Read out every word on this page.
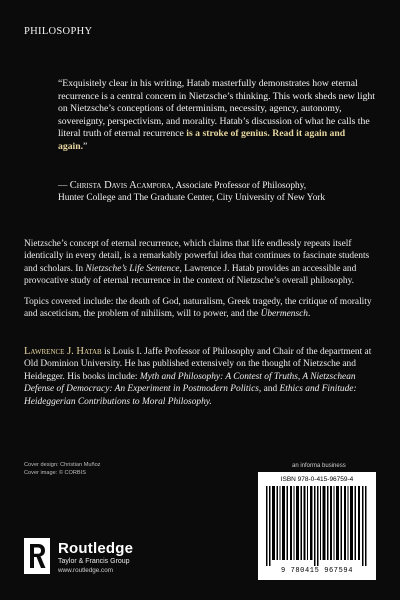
PHILOSOPHY

“Exquisitely clear in his writing, Hatab masterfully demonstrates how eternal recurrence is a central concern in Nietzsche’s thinking. This work sheds new light on Nietzsche’s conceptions of determinism, necessity, agency, autonomy, sovereignty, perspectivism, and morality. Hatab’s discussion of what he calls the literal truth of eternal recurrence is a stroke of genius. Read it again and again.”

— Christa Davis Acampora, Associate Professor of Philosophy,
Hunter College and The Graduate Center, City University of New York

Nietzsche’s concept of eternal recurrence, which claims that life endlessly repeats itself identically in every detail, is a remarkably powerful idea that continues to fascinate students and scholars. In Nietzsche’s Life Sentence, Lawrence J. Hatab provides an accessible and provocative study of eternal recurrence in the context of Nietzsche’s overall philosophy.

Topics covered include: the death of God, naturalism, Greek tragedy, the critique of morality and asceticism, the problem of nihilism, will to power, and the Übermensch.

Lawrence J. Hatab is Louis I. Jaffe Professor of Philosophy and Chair of the department at Old Dominion University. He has published extensively on the thought of Nietzsche and Heidegger. His books include: Myth and Philosophy: A Contest of Truths, A Nietzschean Defense of Democracy: An Experiment in Postmodern Politics, and Ethics and Finitude: Heideggerian Contributions to Moral Philosophy.
Cover design: Christian Muñoz
Cover image: © CORBIS
an informa business
Routledge
Taylor & Francis Group
www.routledge.com
ISBN 978-0-415-96759-4
9 780415 967594
